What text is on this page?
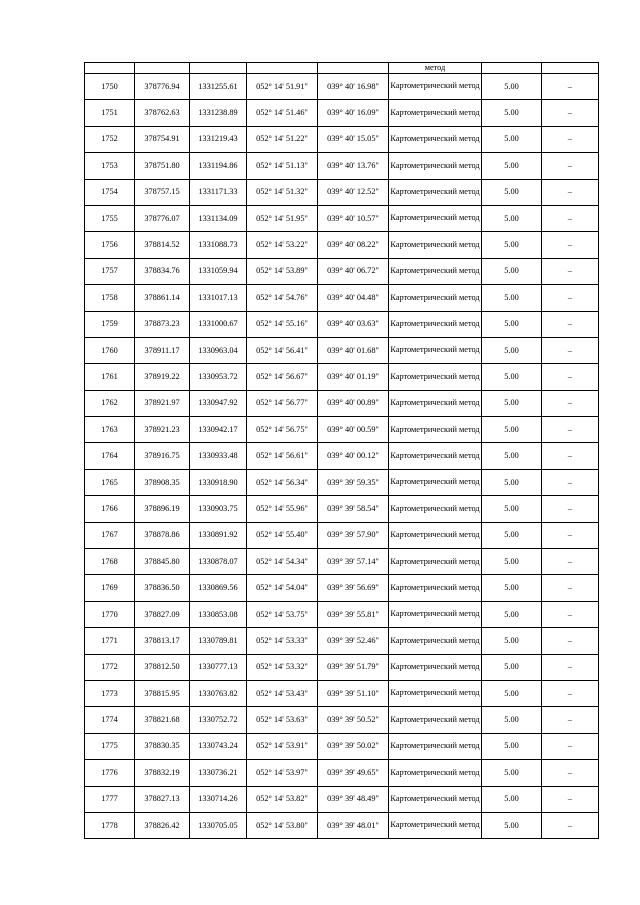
					метод		
1750	378776.94	1331255.61	052° 14' 51.91"	039° 40' 16.98"	Картометрический метод	5.00	–
1751	378762.63	1331238.89	052° 14' 51.46"	039° 40' 16.09"	Картометрический метод	5.00	–
1752	378754.91	1331219.43	052° 14' 51.22"	039° 40' 15.05"	Картометрический метод	5.00	–
1753	378751.80	1331194.86	052° 14' 51.13"	039° 40' 13.76"	Картометрический метод	5.00	–
1754	378757.15	1331171.33	052° 14' 51.32"	039° 40' 12.52"	Картометрический метод	5.00	–
1755	378776.07	1331134.09	052° 14' 51.95"	039° 40' 10.57"	Картометрический метод	5.00	–
1756	378814.52	1331088.73	052° 14' 53.22"	039° 40' 08.22"	Картометрический метод	5.00	–
1757	378834.76	1331059.94	052° 14' 53.89"	039° 40' 06.72"	Картометрический метод	5.00	–
1758	378861.14	1331017.13	052° 14' 54.76"	039° 40' 04.48"	Картометрический метод	5.00	–
1759	378873.23	1331000.67	052° 14' 55.16"	039° 40' 03.63"	Картометрический метод	5.00	–
1760	378911.17	1330963.04	052° 14' 56.41"	039° 40' 01.68"	Картометрический метод	5.00	–
1761	378919.22	1330953.72	052° 14' 56.67"	039° 40' 01.19"	Картометрический метод	5.00	–
1762	378921.97	1330947.92	052° 14' 56.77"	039° 40' 00.89"	Картометрический метод	5.00	–
1763	378921.23	1330942.17	052° 14' 56.75"	039° 40' 00.59"	Картометрический метод	5.00	–
1764	378916.75	1330933.48	052° 14' 56.61"	039° 40' 00.12"	Картометрический метод	5.00	–
1765	378908.35	1330918.90	052° 14' 56.34"	039° 39' 59.35"	Картометрический метод	5.00	–
1766	378896.19	1330903.75	052° 14' 55.96"	039° 39' 58.54"	Картометрический метод	5.00	–
1767	378878.86	1330891.92	052° 14' 55.40"	039° 39' 57.90"	Картометрический метод	5.00	–
1768	378845.80	1330878.07	052° 14' 54.34"	039° 39' 57.14"	Картометрический метод	5.00	–
1769	378836.50	1330869.56	052° 14' 54.04"	039° 39' 56.69"	Картометрический метод	5.00	–
1770	378827.09	1330853.08	052° 14' 53.75"	039° 39' 55.81"	Картометрический метод	5.00	–
1771	378813.17	1330789.81	052° 14' 53.33"	039° 39' 52.46"	Картометрический метод	5.00	–
1772	378812.50	1330777.13	052° 14' 53.32"	039° 39' 51.79"	Картометрический метод	5.00	–
1773	378815.95	1330763.82	052° 14' 53.43"	039° 39' 51.10"	Картометрический метод	5.00	–
1774	378821.68	1330752.72	052° 14' 53.63"	039° 39' 50.52"	Картометрический метод	5.00	–
1775	378830.35	1330743.24	052° 14' 53.91"	039° 39' 50.02"	Картометрический метод	5.00	–
1776	378832.19	1330736.21	052° 14' 53.97"	039° 39' 49.65"	Картометрический метод	5.00	–
1777	378827.13	1330714.26	052° 14' 53.82"	039° 39' 48.49"	Картометрический метод	5.00	–
1778	378826.42	1330705.05	052° 14' 53.80"	039° 39' 48.01"	Картометрический метод	5.00	–
